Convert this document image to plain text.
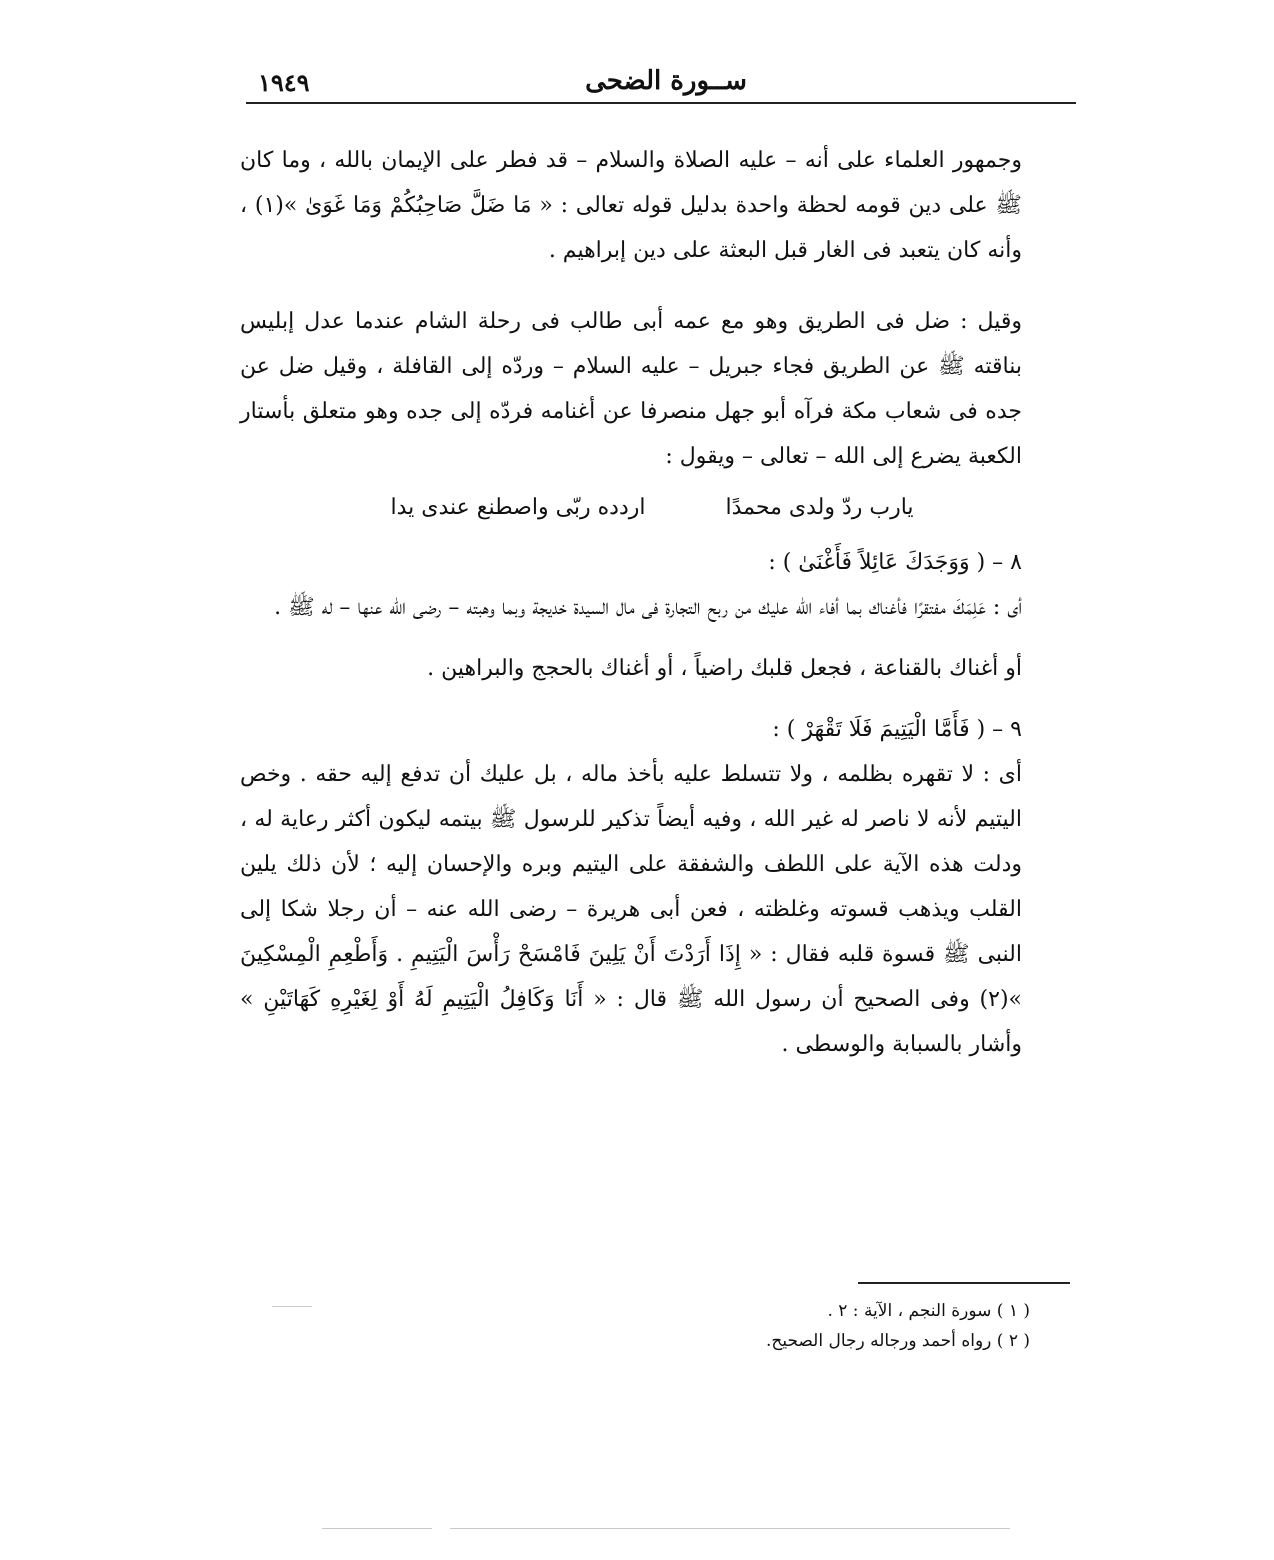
ســورة الضحى
١٩٤٩

وجمهور العلماء على أنه – عليه الصلاة والسلام – قد فطر على الإيمان بالله ، وما كان ﷺ على دين قومه لحظة واحدة بدليل قوله تعالى : « مَا ضَلَّ صَاحِبُكُمْ وَمَا غَوَىٰ »(١) ، وأنه كان يتعبد فى الغار قبل البعثة على دين إبراهيم .

وقيل : ضل فى الطريق وهو مع عمه أبى طالب فى رحلة الشام عندما عدل إبليس بناقته ﷺ عن الطريق فجاء جبريل – عليه السلام – وردّه إلى القافلة ، وقيل ضل عن جده فى شعاب مكة فرآه أبو جهل منصرفا عن أغنامه فردّه إلى جده وهو متعلق بأستار الكعبة يضرع إلى الله – تعالى – ويقول :

يارب ردّ ولدى محمدًا
اردده ربّى واصطنع عندى يدا

٨ – ( وَوَجَدَكَ عَائِلاً فَأَغْنَىٰ ) :

أى : عَلِمَكَ مفتقرًا فأغناك بما أفاء الله عليك من ربح التجارة فى مال السيدة خديجة وبما وهبته – رضى الله عنها – له ﷺ .

أو أغناك بالقناعة ، فجعل قلبك راضياً ، أو أغناك بالحجج والبراهين .

٩ – ( فَأَمَّا الْيَتِيمَ فَلَا تَقْهَرْ ) :

أى : لا تقهره بظلمه ، ولا تتسلط عليه بأخذ ماله ، بل عليك أن تدفع إليه حقه . وخص اليتيم لأنه لا ناصر له غير الله ، وفيه أيضاً تذكير للرسول ﷺ بيتمه ليكون أكثر رعاية له ، ودلت هذه الآية على اللطف والشفقة على اليتيم وبره والإحسان إليه ؛ لأن ذلك يلين القلب ويذهب قسوته وغلظته ، فعن أبى هريرة – رضى الله عنه – أن رجلا شكا إلى النبى ﷺ قسوة قلبه فقال : « إِذَا أَرَدْتَ أَنْ يَلِينَ فَامْسَحْ رَأْسَ الْيَتِيمِ . وَأَطْعِمِ الْمِسْكِينَ »(٢) وفى الصحيح أن رسول الله ﷺ قال : « أَنَا وَكَافِلُ الْيَتِيمِ لَهُ أَوْ لِغَيْرِهِ كَهَاتَيْنِ » وأشار بالسبابة والوسطى .

( ١ ) سورة النجم ، الآية : ٢ .

( ٢ ) رواه أحمد ورجاله رجال الصحيح.
